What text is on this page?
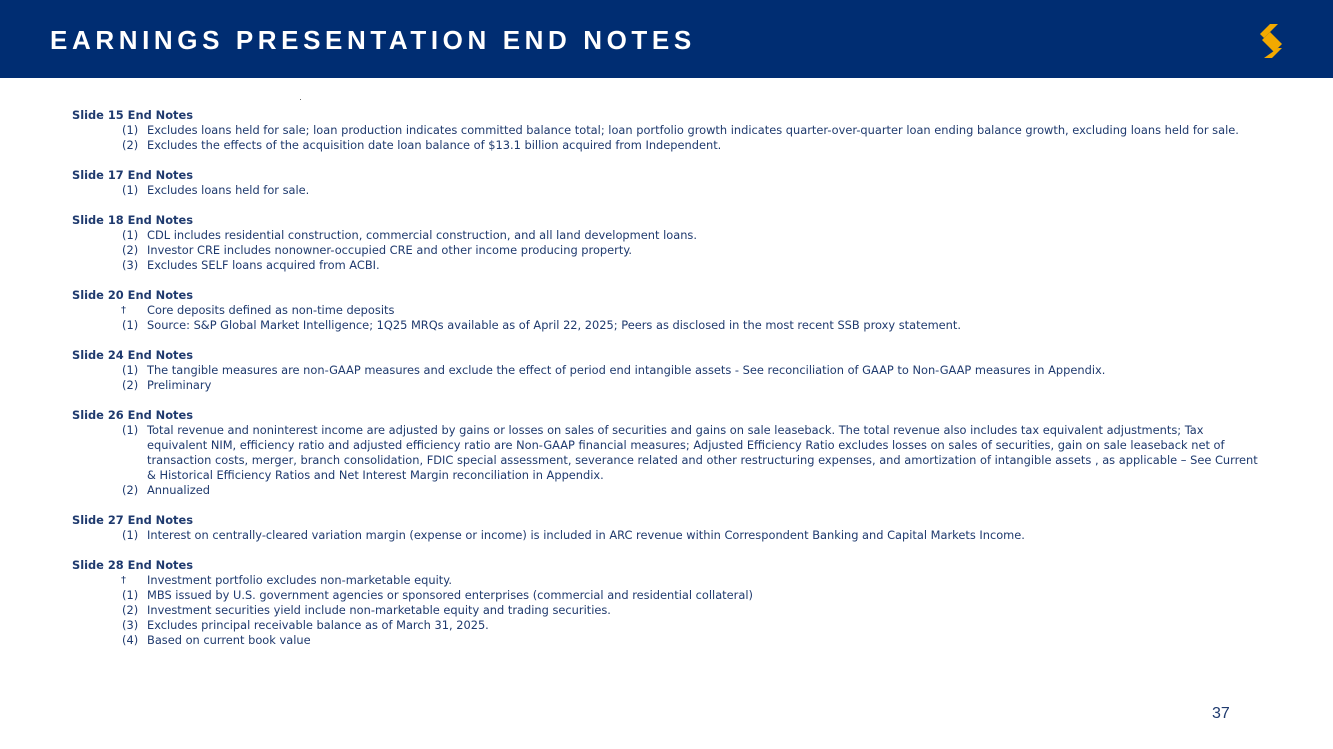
EARNINGS PRESENTATION END NOTES
Slide 15 End Notes
(1) Excludes loans held for sale; loan production indicates committed balance total; loan portfolio growth indicates quarter-over-quarter loan ending balance growth, excluding loans held for sale.
(2) Excludes the effects of the acquisition date loan balance of $13.1 billion acquired from Independent.
Slide 17 End Notes
(1) Excludes loans held for sale.
Slide 18 End Notes
(1) CDL includes residential construction, commercial construction, and all land development loans.
(2) Investor CRE includes nonowner-occupied CRE and other income producing property.
(3) Excludes SELF loans acquired from ACBI.
Slide 20 End Notes
†	Core deposits defined as non-time deposits
(1) Source: S&P Global Market Intelligence; 1Q25 MRQs available as of April 22, 2025; Peers as disclosed in the most recent SSB proxy statement.
Slide 24 End Notes
(1) The tangible measures are non-GAAP measures and exclude the effect of period end intangible assets - See reconciliation of GAAP to Non-GAAP measures in Appendix.
(2) Preliminary
Slide 26 End Notes
(1) Total revenue and noninterest income are adjusted by gains or losses on sales of securities and gains on sale leaseback. The total revenue also includes tax equivalent adjustments; Tax equivalent NIM, efficiency ratio and adjusted efficiency ratio are Non-GAAP financial measures; Adjusted Efficiency Ratio excludes losses on sales of securities, gain on sale leaseback net of transaction costs, merger, branch consolidation, FDIC special assessment, severance related and other restructuring expenses, and amortization of intangible assets , as applicable – See Current & Historical Efficiency Ratios and Net Interest Margin reconciliation in Appendix.
(2) Annualized
Slide 27 End Notes
(1) Interest on centrally-cleared variation margin (expense or income) is included in ARC revenue within Correspondent Banking and Capital Markets Income.
Slide 28 End Notes
†	Investment portfolio excludes non-marketable equity.
(1) MBS issued by U.S. government agencies or sponsored enterprises (commercial and residential collateral)
(2) Investment securities yield include non-marketable equity and trading securities.
(3) Excludes principal receivable balance as of March 31, 2025.
(4) Based on current book value
37
